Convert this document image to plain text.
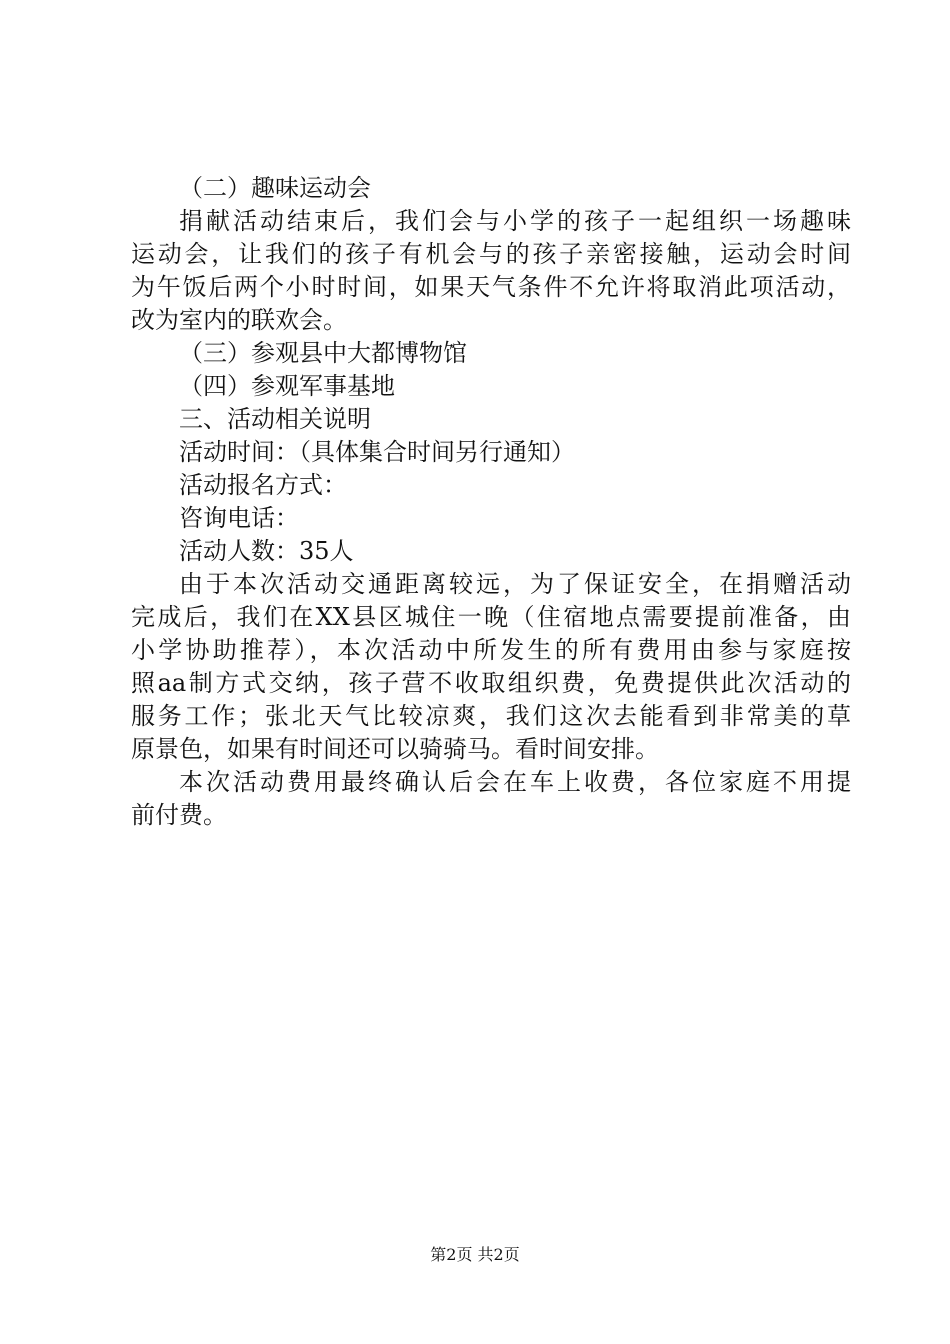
（二）趣味运动会
捐献活动结束后，我们会与小学的孩子一起组织一场趣味
运动会，让我们的孩子有机会与的孩子亲密接触，运动会时间
为午饭后两个小时时间，如果天气条件不允许将取消此项活动，
改为室内的联欢会。
（三）参观县中大都博物馆
（四）参观军事基地
三、活动相关说明
活动时间：（具体集合时间另行通知）
活动报名方式：
咨询电话：
活动人数：35人
由于本次活动交通距离较远，为了保证安全，在捐赠活动
完成后，我们在XX县区城住一晚（住宿地点需要提前准备，由
小学协助推荐），本次活动中所发生的所有费用由参与家庭按
照aa制方式交纳，孩子营不收取组织费，免费提供此次活动的
服务工作；张北天气比较凉爽，我们这次去能看到非常美的草
原景色，如果有时间还可以骑骑马。看时间安排。
本次活动费用最终确认后会在车上收费，各位家庭不用提
前付费。
第2页 共2页
